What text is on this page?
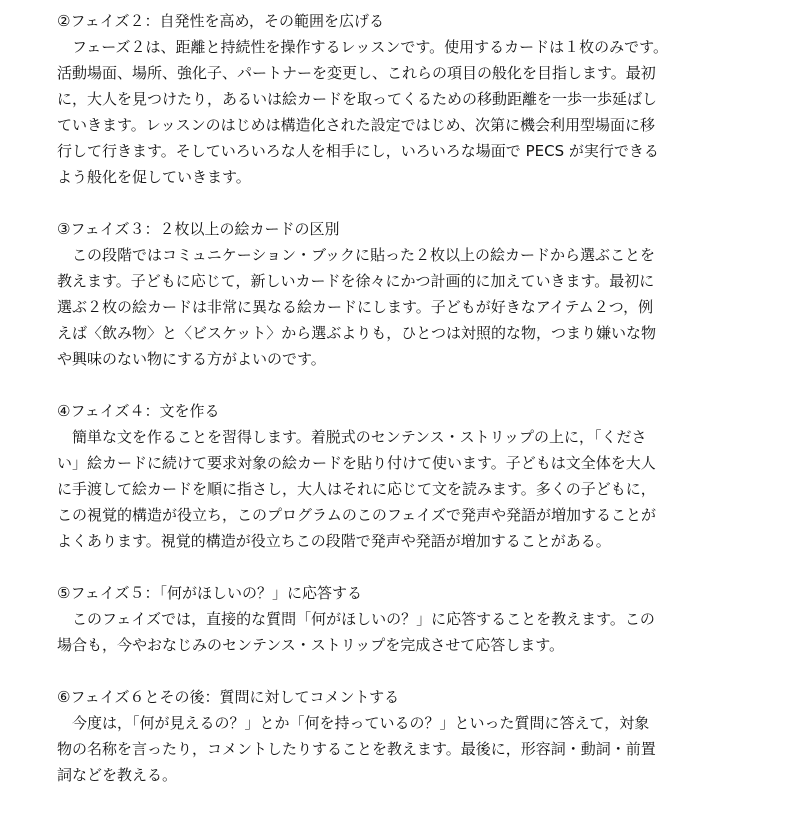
②フェイズ２：自発性を高め，その範囲を広げる
フェーズ２は、距離と持続性を操作するレッスンです。使用するカードは１枚のみです。
活動場面、場所、強化子、パートナーを変更し、これらの項目の般化を目指します。最初
に，大人を見つけたり，あるいは絵カードを取ってくるための移動距離を一歩一歩延ばし
ていきます。レッスンのはじめは構造化された設定ではじめ、次第に機会利用型場面に移
行して行きます。そしていろいろな人を相手にし，いろいろな場面で PECS が実行できる
よう般化を促していきます。
③フェイズ３：２枚以上の絵カードの区別
この段階ではコミュニケーション・ブックに貼った２枚以上の絵カードから選ぶことを
教えます。子どもに応じて，新しいカードを徐々にかつ計画的に加えていきます。最初に
選ぶ２枚の絵カードは非常に異なる絵カードにします。子どもが好きなアイテム２つ，例
えば〈飲み物〉と〈ビスケット〉から選ぶよりも，ひとつは対照的な物，つまり嫌いな物
や興味のない物にする方がよいのです。
④フェイズ４：文を作る
簡単な文を作ることを習得します。着脱式のセンテンス・ストリップの上に，「くださ
い」絵カードに続けて要求対象の絵カードを貼り付けて使います。子どもは文全体を大人
に手渡して絵カードを順に指さし，大人はそれに応じて文を読みます。多くの子どもに，
この視覚的構造が役立ち，このプログラムのこのフェイズで発声や発語が増加することが
よくあります。視覚的構造が役立ちこの段階で発声や発語が増加することがある。
⑤フェイズ５：｢何がほしいの？」に応答する
このフェイズでは，直接的な質問「何がほしいの？」に応答することを教えます。この
場合も，今やおなじみのセンテンス・ストリップを完成させて応答します。
⑥フェイズ６とその後：質問に対してコメントする
今度は，「何が見えるの？」とか「何を持っているの？」といった質問に答えて，対象
物の名称を言ったり，コメントしたりすることを教えます。最後に，形容詞・動詞・前置
詞などを教える。
